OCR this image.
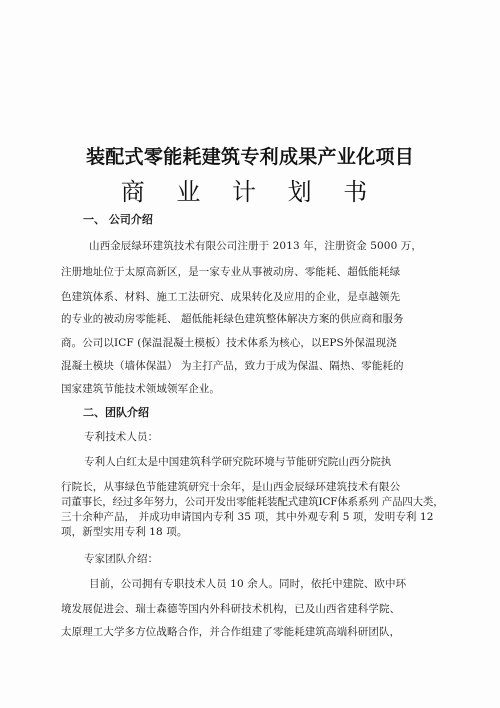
装配式零能耗建筑专利成果产业化项目
商 业 计 划 书
一、 公司介绍
山西金辰绿环建筑技术有限公司注册于 2013 年，注册资金 5000 万，
注册地址位于太原高新区，是一家专业从事被动房、零能耗、超低能耗绿
色建筑体系、材料、施工工法研究、成果转化及应用的企业，是卓越领先
的专业的被动房零能耗、 超低能耗绿色建筑整体解决方案的供应商和服务
商。公司以ICF (保温混凝土模板）技术体系为核心，以EPS外保温现浇
混凝土模块（墙体保温） 为主打产品，致力于成为保温、隔热、零能耗的
国家建筑节能技术领域领军企业。
二、团队介绍
专利技术人员：
专利人白红太是中国建筑科学研究院环境与节能研究院山西分院执
行院长，从事绿色节能建筑研究十余年，是山西金辰绿环建筑技术有限公
司董事长，经过多年努力，公司开发出零能耗装配式建筑ICF体系系列 产品四大类，
三十余种产品， 并成功申请国内专利 35 项，其中外观专利 5 项，发明专利 12
项，新型实用专利 18 项。
专家团队介绍：
目前，公司拥有专职技术人员 10 余人。同时，依托中建院、欧中环
境发展促进会、瑞士森德等国内外科研技术机构，已及山西省建科学院、
太原理工大学多方位战略合作，并合作组建了零能耗建筑高端科研团队，
